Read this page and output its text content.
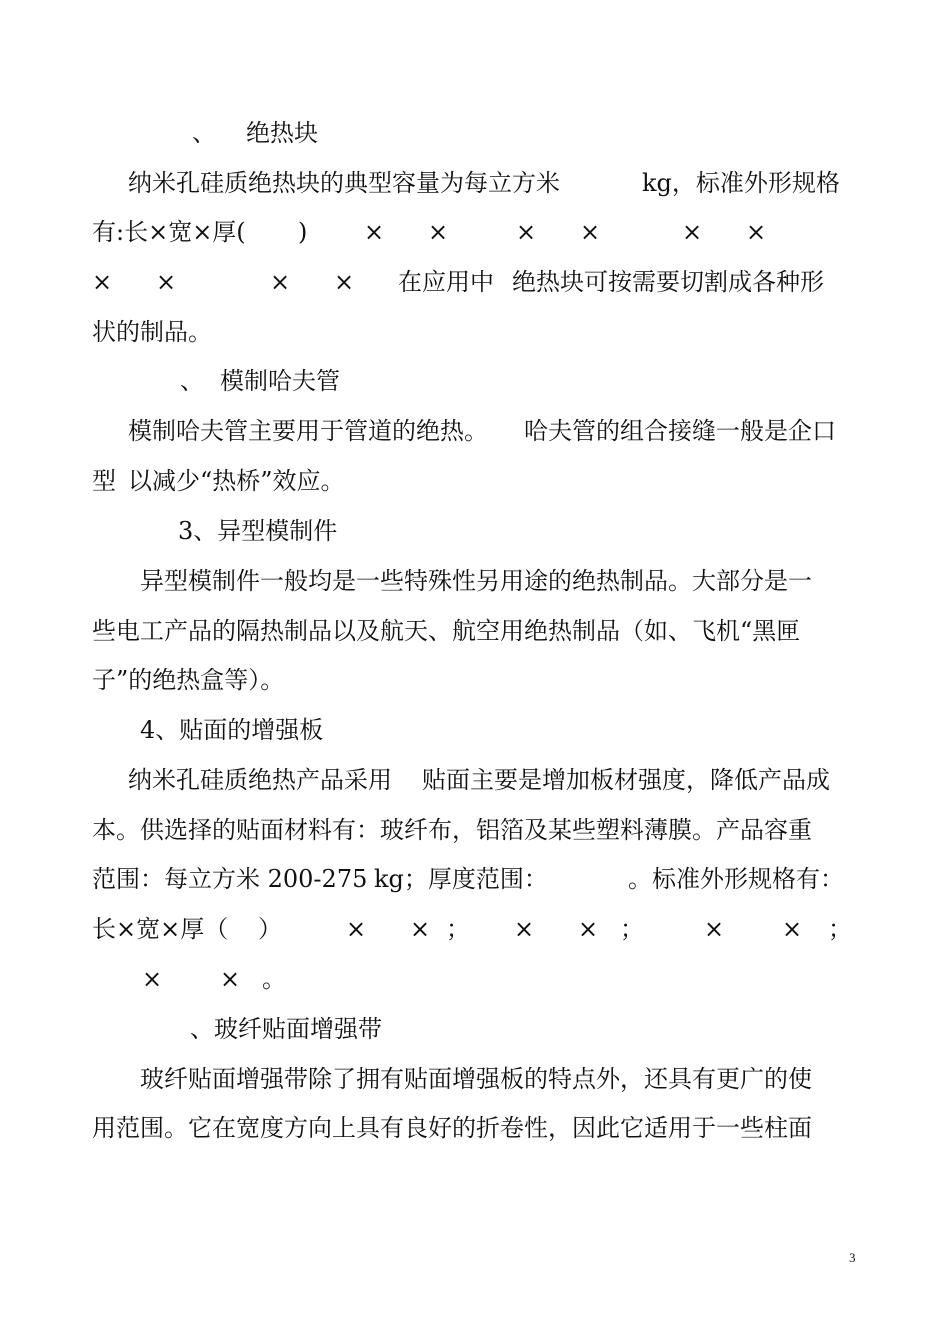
、 绝热块
纳米孔硅质绝热块的典型容量为每立方米	kg，标准外形规格
有:长×宽×厚( ) × ×	× ×	× ×
× ×	× × 在应用中 绝热块可按需要切割成各种形
状的制品。
、 模制哈夫管
模制哈夫管主要用于管道的绝热。 哈夫管的组合接缝一般是企口
型 以减少“热桥”效应。
3、异型模制件
异型模制件一般均是一些特殊性另用途的绝热制品。大部分是一
些电工产品的隔热制品以及航天、航空用绝热制品（如、飞机“黑匣
子”的绝热盒等）。
4、贴面的增强板
纳米孔硅质绝热产品采用 贴面主要是增加板材强度，降低产品成
本。供选择的贴面材料有：玻纤布，铝箔及某些塑料薄膜。产品容重
范围：每立方米 200-275 kg；厚度范围：	。标准外形规格有：
长×宽×厚（ ）	× × ； × × ；	× × ；
× × 。
、玻纤贴面增强带
玻纤贴面增强带除了拥有贴面增强板的特点外，还具有更广的使
用范围。它在宽度方向上具有良好的折卷性，因此它适用于一些柱面
3
